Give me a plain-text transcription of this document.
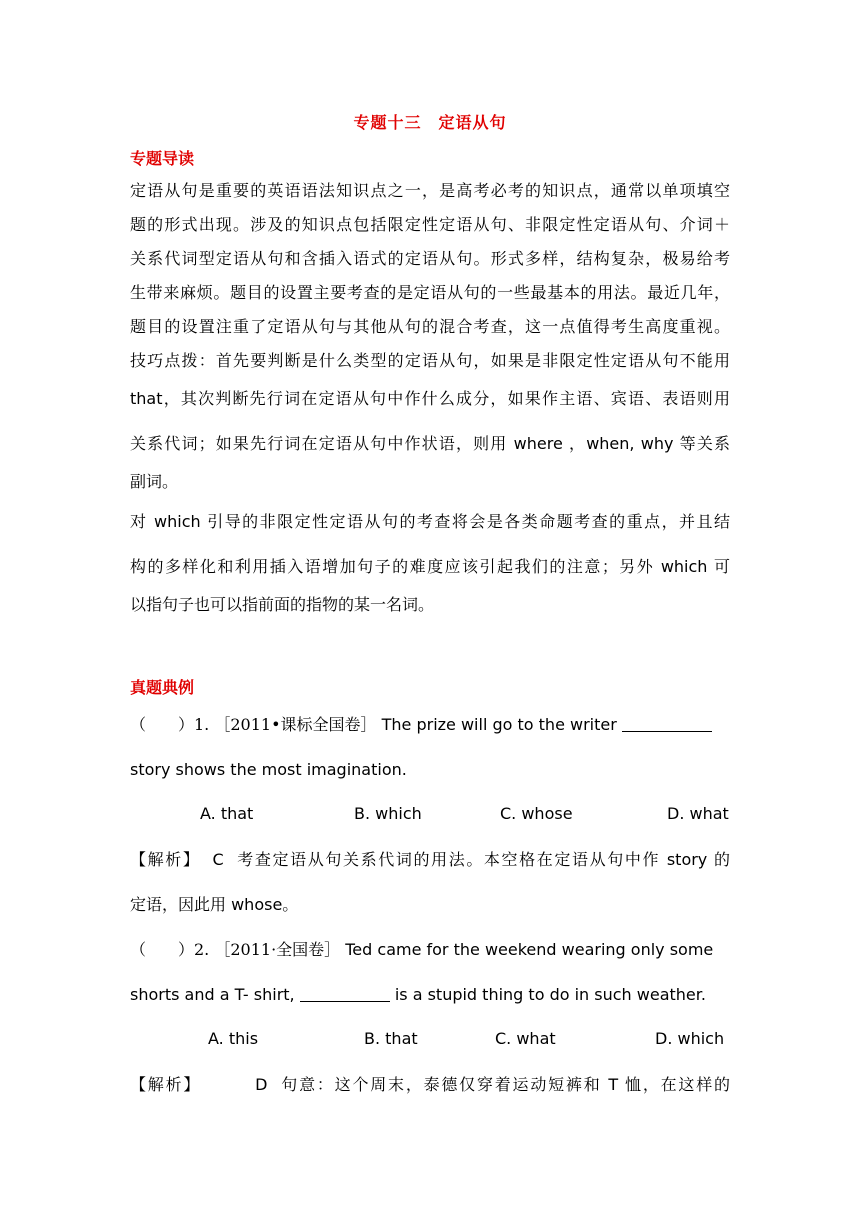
专题十三　定语从句
专题导读
定语从句是重要的英语语法知识点之一，是高考必考的知识点，通常以单项填空
题的形式出现。涉及的知识点包括限定性定语从句、非限定性定语从句、介词＋
关系代词型定语从句和含插入语式的定语从句。形式多样，结构复杂，极易给考
生带来麻烦。题目的设置主要考查的是定语从句的一些最基本的用法。最近几年，
题目的设置注重了定语从句与其他从句的混合考查，这一点值得考生高度重视。
技巧点拨：首先要判断是什么类型的定语从句，如果是非限定性定语从句不能用
that，其次判断先行词在定语从句中作什么成分，如果作主语、宾语、表语则用
关系代词；如果先行词在定语从句中作状语，则用 where ，when, why 等关系
副词。
对 which 引导的非限定性定语从句的考查将会是各类命题考查的重点，并且结
构的多样化和利用插入语增加句子的难度应该引起我们的注意；另外 which 可
以指句子也可以指前面的指物的某一名词。
真题典例
（　　）1. ［2011•课标全国卷］ The prize will go to the writer
story shows the most imagination.
A. that	B. which	C. whose	D. what
【解析】 C 考查定语从句关系代词的用法。本空格在定语从句中作 story 的
定语，因此用 whose。
（　　）2. ［2011·全国卷］ Ted came for the weekend wearing only some
shorts and a T- shirt,	is a stupid thing to do in such weather.
A. this	B. that	C. what	D. which
【解析】	D 句意：这个周末，泰德仅穿着运动短裤和 T 恤，在这样的
